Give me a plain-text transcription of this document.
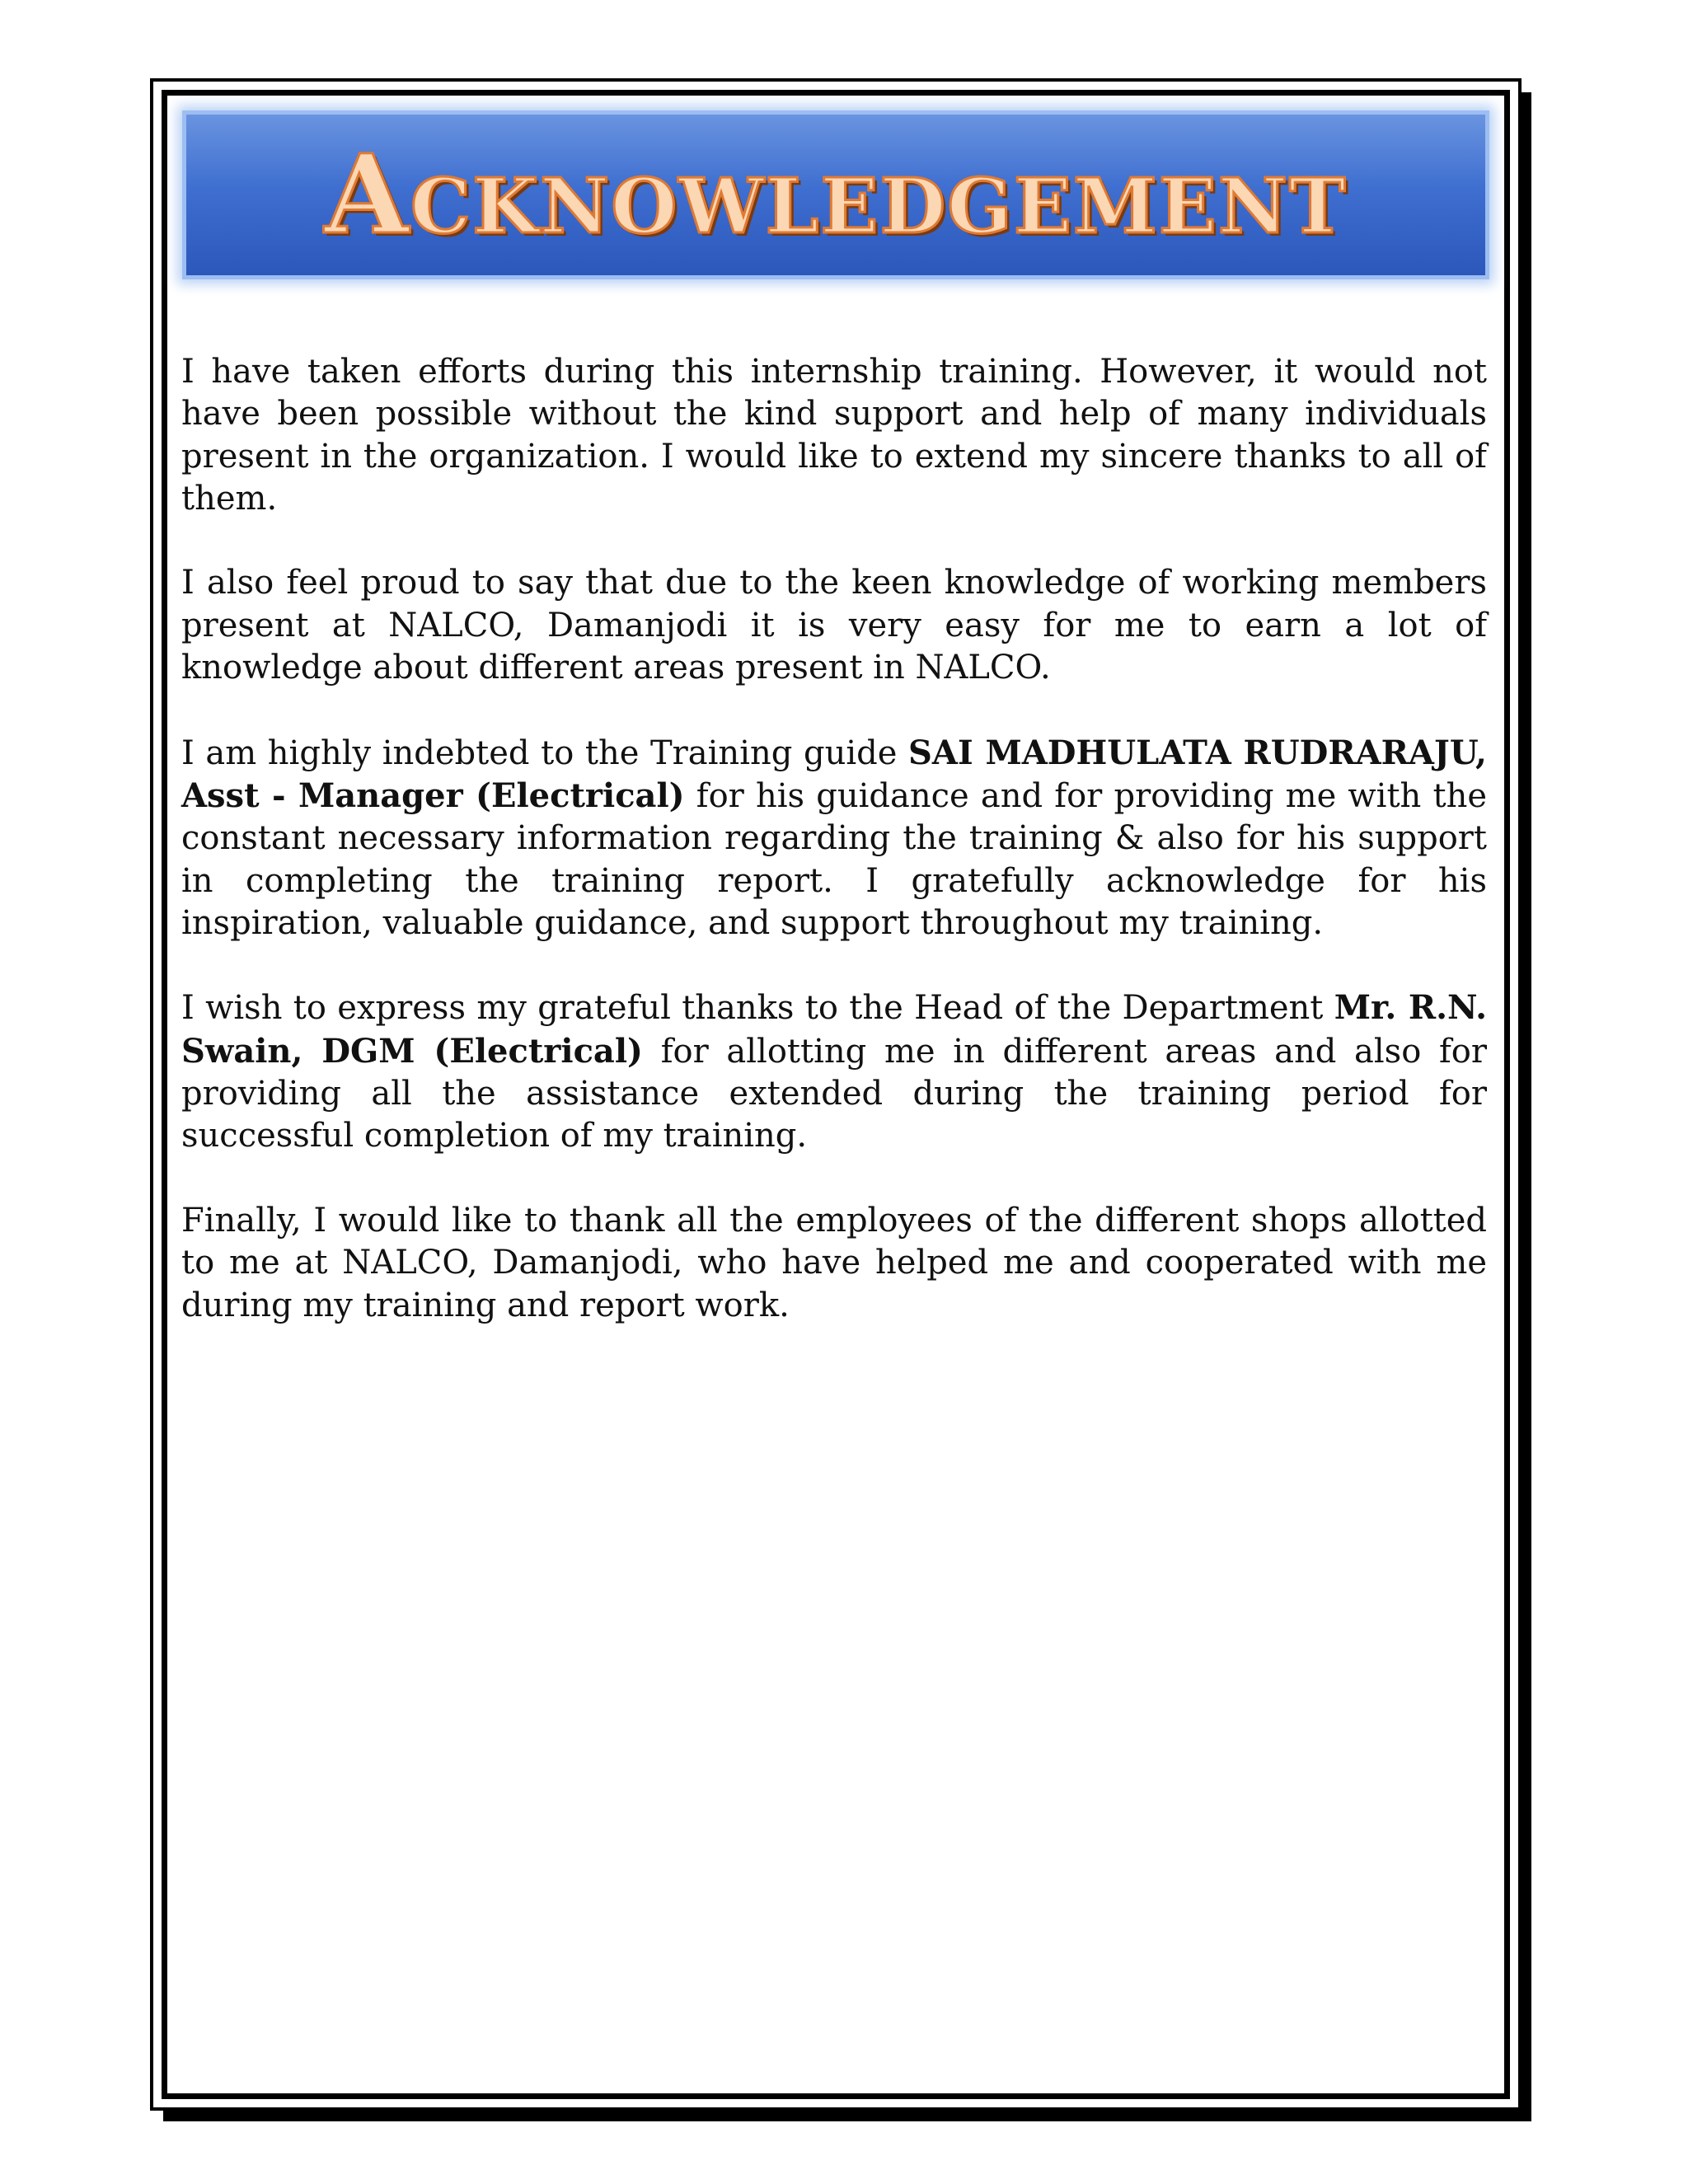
Acknowledgement

I have taken efforts during this internship training. However, it would not have been possible without the kind support and help of many individuals present in the organization. I would like to extend my sincere thanks to all of them.

I also feel proud to say that due to the keen knowledge of working members present at NALCO, Damanjodi it is very easy for me to earn a lot of knowledge about different areas present in NALCO.

I am highly indebted to the Training guide SAI MADHULATA RUDRARAJU, Asst - Manager (Electrical) for his guidance and for providing me with the constant necessary information regarding the training & also for his support in completing the training report. I gratefully acknowledge for his inspiration, valuable guidance, and support throughout my training.

I wish to express my grateful thanks to the Head of the Department Mr. R.N. Swain, DGM (Electrical) for allotting me in different areas and also for providing all the assistance extended during the training period for successful completion of my training.

Finally, I would like to thank all the employees of the different shops allotted to me at NALCO, Damanjodi, who have helped me and cooperated with me during my training and report work.
